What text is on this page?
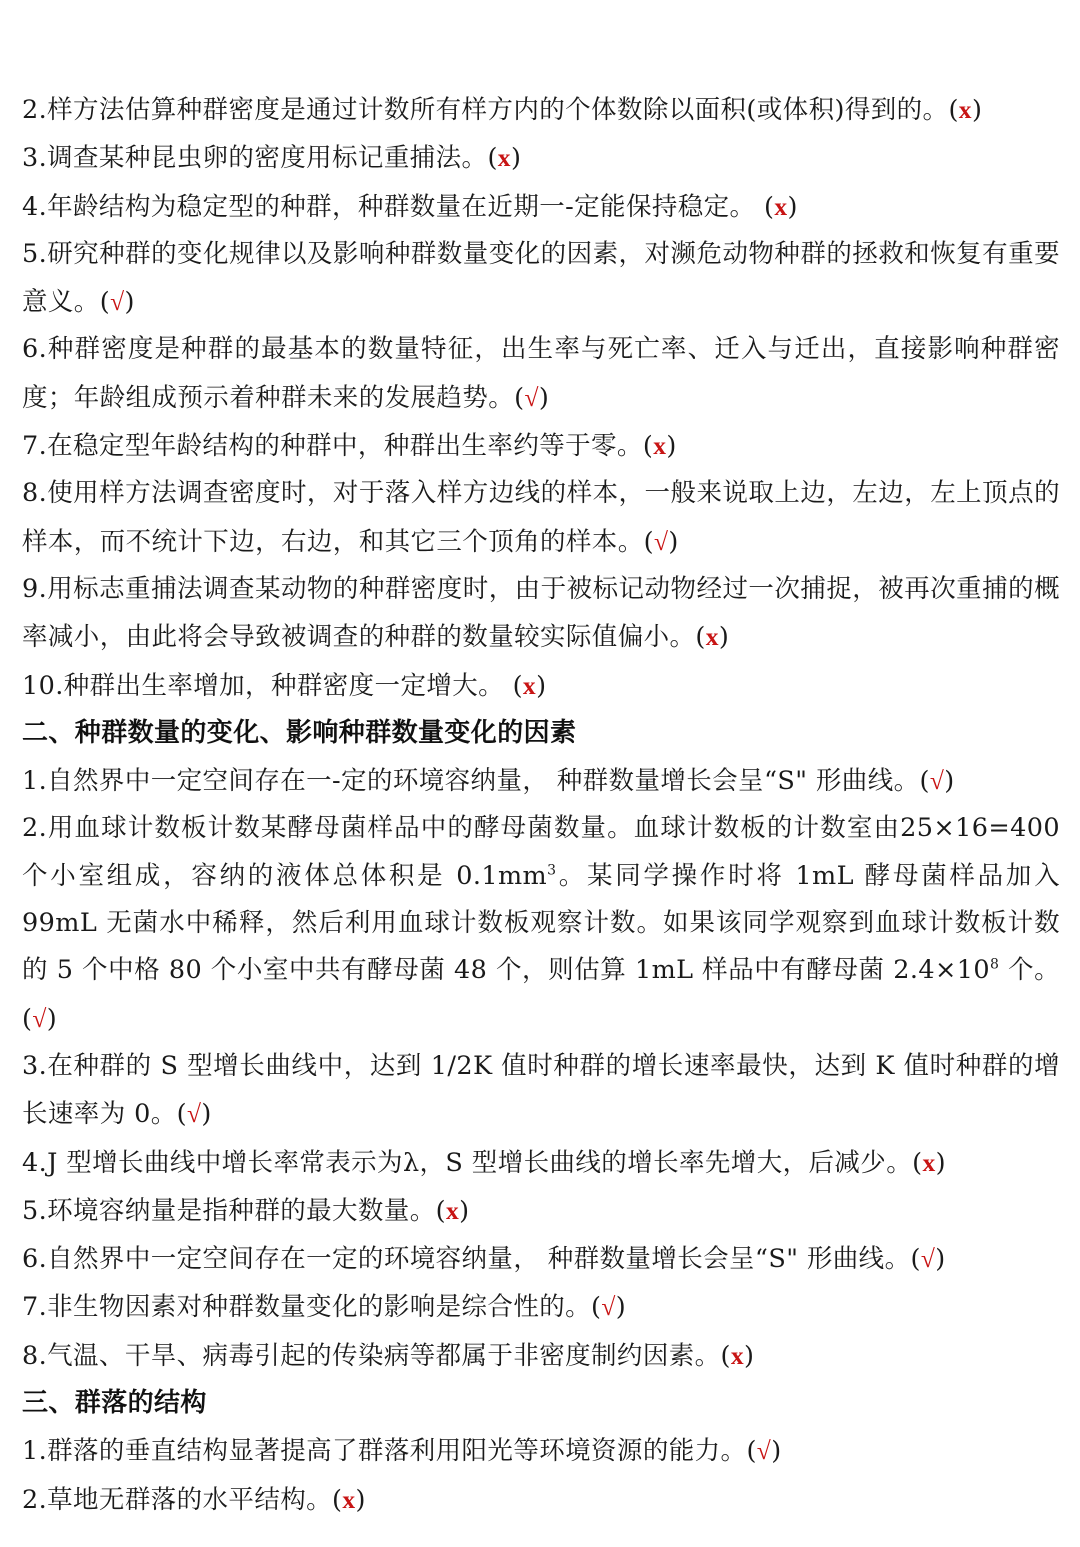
2.样方法估算种群密度是通过计数所有样方内的个体数除以面积(或体积)得到的。(x)

3.调查某种昆虫卵的密度用标记重捕法。(x)

4.年龄结构为稳定型的种群，种群数量在近期一-定能保持稳定。 (x)

5.研究种群的变化规律以及影响种群数量变化的因素，对濒危动物种群的拯救和恢复有重要意义。(√)

6.种群密度是种群的最基本的数量特征，出生率与死亡率、迁入与迁出，直接影响种群密度；年龄组成预示着种群未来的发展趋势。(√)

7.在稳定型年龄结构的种群中，种群出生率约等于零。(x)

8.使用样方法调查密度时，对于落入样方边线的样本，一般来说取上边，左边，左上顶点的样本，而不统计下边，右边，和其它三个顶角的样本。(√)

9.用标志重捕法调查某动物的种群密度时，由于被标记动物经过一次捕捉，被再次重捕的概率减小，由此将会导致被调查的种群的数量较实际值偏小。(x)

10.种群出生率增加，种群密度一定增大。 (x)

二、种群数量的变化、影响种群数量变化的因素

1.自然界中一定空间存在一-定的环境容纳量， 种群数量增长会呈“S" 形曲线。(√)

2.用血球计数板计数某酵母菌样品中的酵母菌数量。血球计数板的计数室由25×16=400 个小室组成，容纳的液体总体积是 $0.1mm^3$。某同学操作时将 1mL 酵母菌样品加入 99mL 无菌水中稀释，然后利用血球计数板观察计数。如果该同学观察到血球计数板计数的 5 个中格 80 个小室中共有酵母菌 48 个，则估算 1mL 样品中有酵母菌 $2.4\times 10^8$ 个。(√)

3.在种群的 S 型增长曲线中，达到 1/2K 值时种群的增长速率最快，达到 K 值时种群的增长速率为 0。(√)

4.J 型增长曲线中增长率常表示为λ，S 型增长曲线的增长率先增大，后减少。(x)

5.环境容纳量是指种群的最大数量。(x)

6.自然界中一定空间存在一定的环境容纳量， 种群数量增长会呈“S" 形曲线。(√)

7.非生物因素对种群数量变化的影响是综合性的。(√)

8.气温、干旱、病毒引起的传染病等都属于非密度制约因素。(x)

三、群落的结构

1.群落的垂直结构显著提高了群落利用阳光等环境资源的能力。(√)

2.草地无群落的水平结构。(x)
